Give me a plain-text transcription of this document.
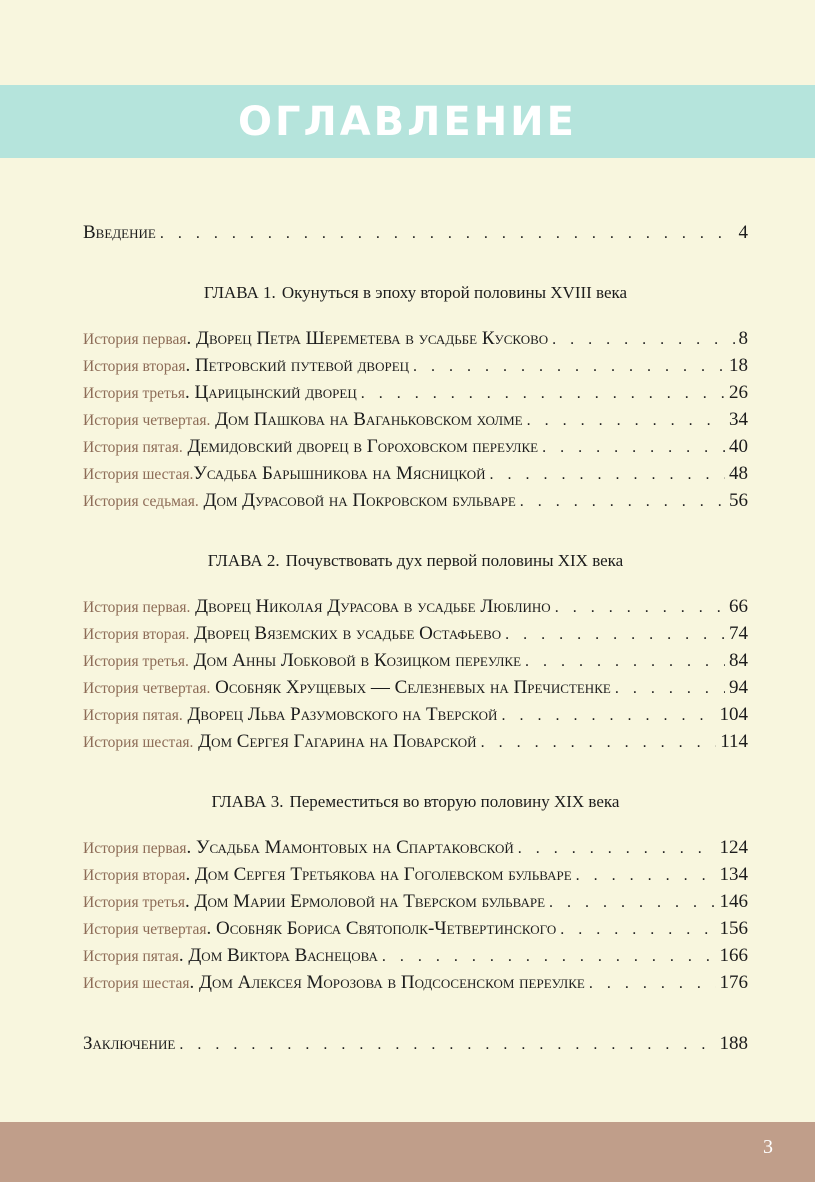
ОГЛАВЛЕНИЕ
Введение . . .	4
ГЛАВА 1. Окунуться в эпоху второй половины XVIII века
История первая. Дворец Петра Шереметева в усадьбе Кусково . . .	8
История вторая. Петровский путевой дворец . . .	18
История третья. Царицынский дворец . . .	26
История четвертая. Дом Пашкова на Ваганьковском холме . . .	34
История пятая. Демидовский дворец в Гороховском переулке . . .	40
История шестая.Усадьба Барышникова на Мясницкой . . .	48
История седьмая. Дом Дурасовой на Покровском бульваре . . .	56
ГЛАВА 2. Почувствовать дух первой половины XIX века
История первая. Дворец Николая Дурасова в усадьбе Люблино . . .	66
История вторая. Дворец Вяземских в усадьбе Остафьево . . .	74
История третья. Дом Анны Лобковой в Козицком переулке . . .	84
История четвертая. Особняк Хрущевых — Селезневых на Пречистенке . . .	94
История пятая. Дворец Льва Разумовского на Тверской . . .	104
История шестая. Дом Сергея Гагарина на Поварской . . .	114
ГЛАВА 3. Переместиться во вторую половину XIX века
История первая. Усадьба Мамонтовых на Спартаковской . . .	124
История вторая. Дом Сергея Третьякова на Гоголевском бульваре . . .	134
История третья. Дом Марии Ермоловой на Тверском бульваре . . .	146
История четвертая. Особняк Бориса Святополк-Четвертинского . . .	156
История пятая. Дом Виктора Васнецова . . .	166
История шестая. Дом Алексея Морозова в Подсосенском переулке . . .	176
Заключение . . .	188
3
